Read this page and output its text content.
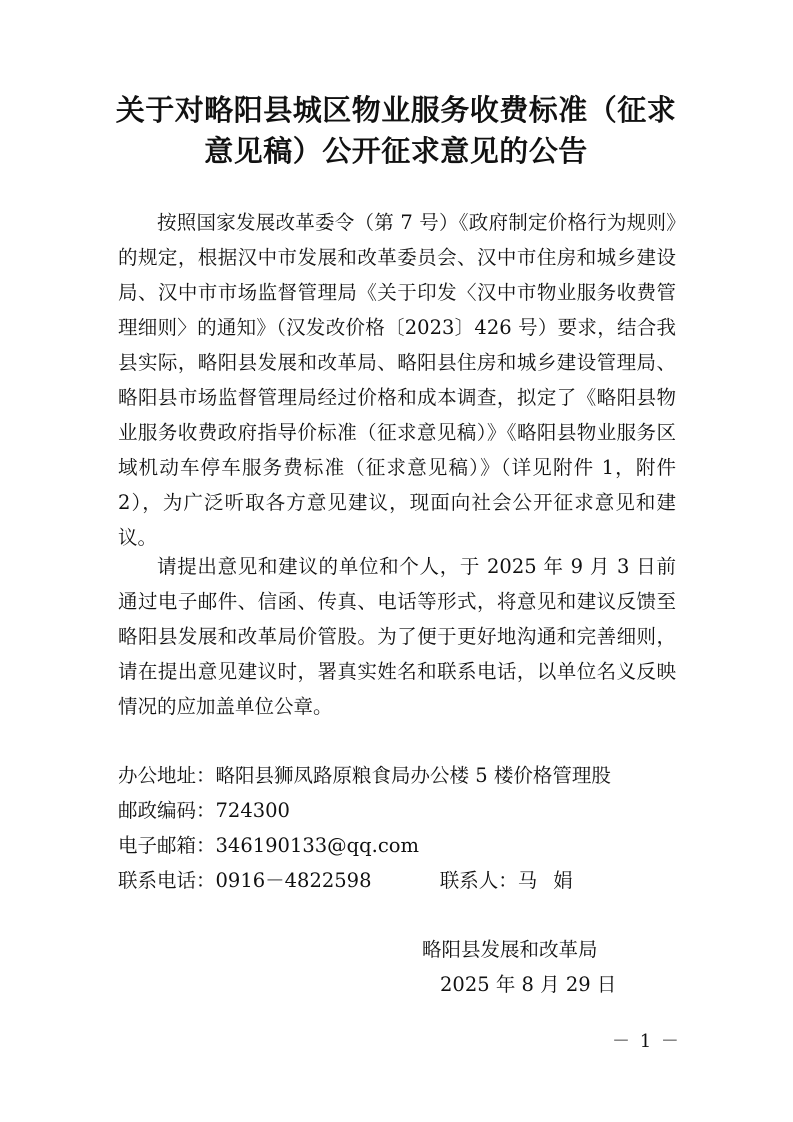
关于对略阳县城区物业服务收费标准（征求
意见稿）公开征求意见的公告

按照国家发展改革委令（第 7 号）《政府制定价格行为规则》的规定，根据汉中市发展和改革委员会、汉中市住房和城乡建设局、汉中市市场监督管理局《关于印发〈汉中市物业服务收费管理细则〉的通知》（汉发改价格〔2023〕426 号）要求，结合我县实际，略阳县发展和改革局、略阳县住房和城乡建设管理局、略阳县市场监督管理局经过价格和成本调查，拟定了《略阳县物业服务收费政府指导价标准（征求意见稿）》《略阳县物业服务区域机动车停车服务费标准（征求意见稿）》（详见附件 1，附件 2），为广泛听取各方意见建议，现面向社会公开征求意见和建议。

请提出意见和建议的单位和个人，于 2025 年 9 月 3 日前通过电子邮件、信函、传真、电话等形式，将意见和建议反馈至略阳县发展和改革局价管股。为了便于更好地沟通和完善细则，请在提出意见建议时，署真实姓名和联系电话，以单位名义反映情况的应加盖单位公章。

办公地址：略阳县狮凤路原粮食局办公楼 5 楼价格管理股
邮政编码：724300
电子邮箱：346190133@qq.com
联系电话：0916－4822598	联系人：马娟
略阳县发展和改革局
2025 年 8 月 29 日
－ 1 －
